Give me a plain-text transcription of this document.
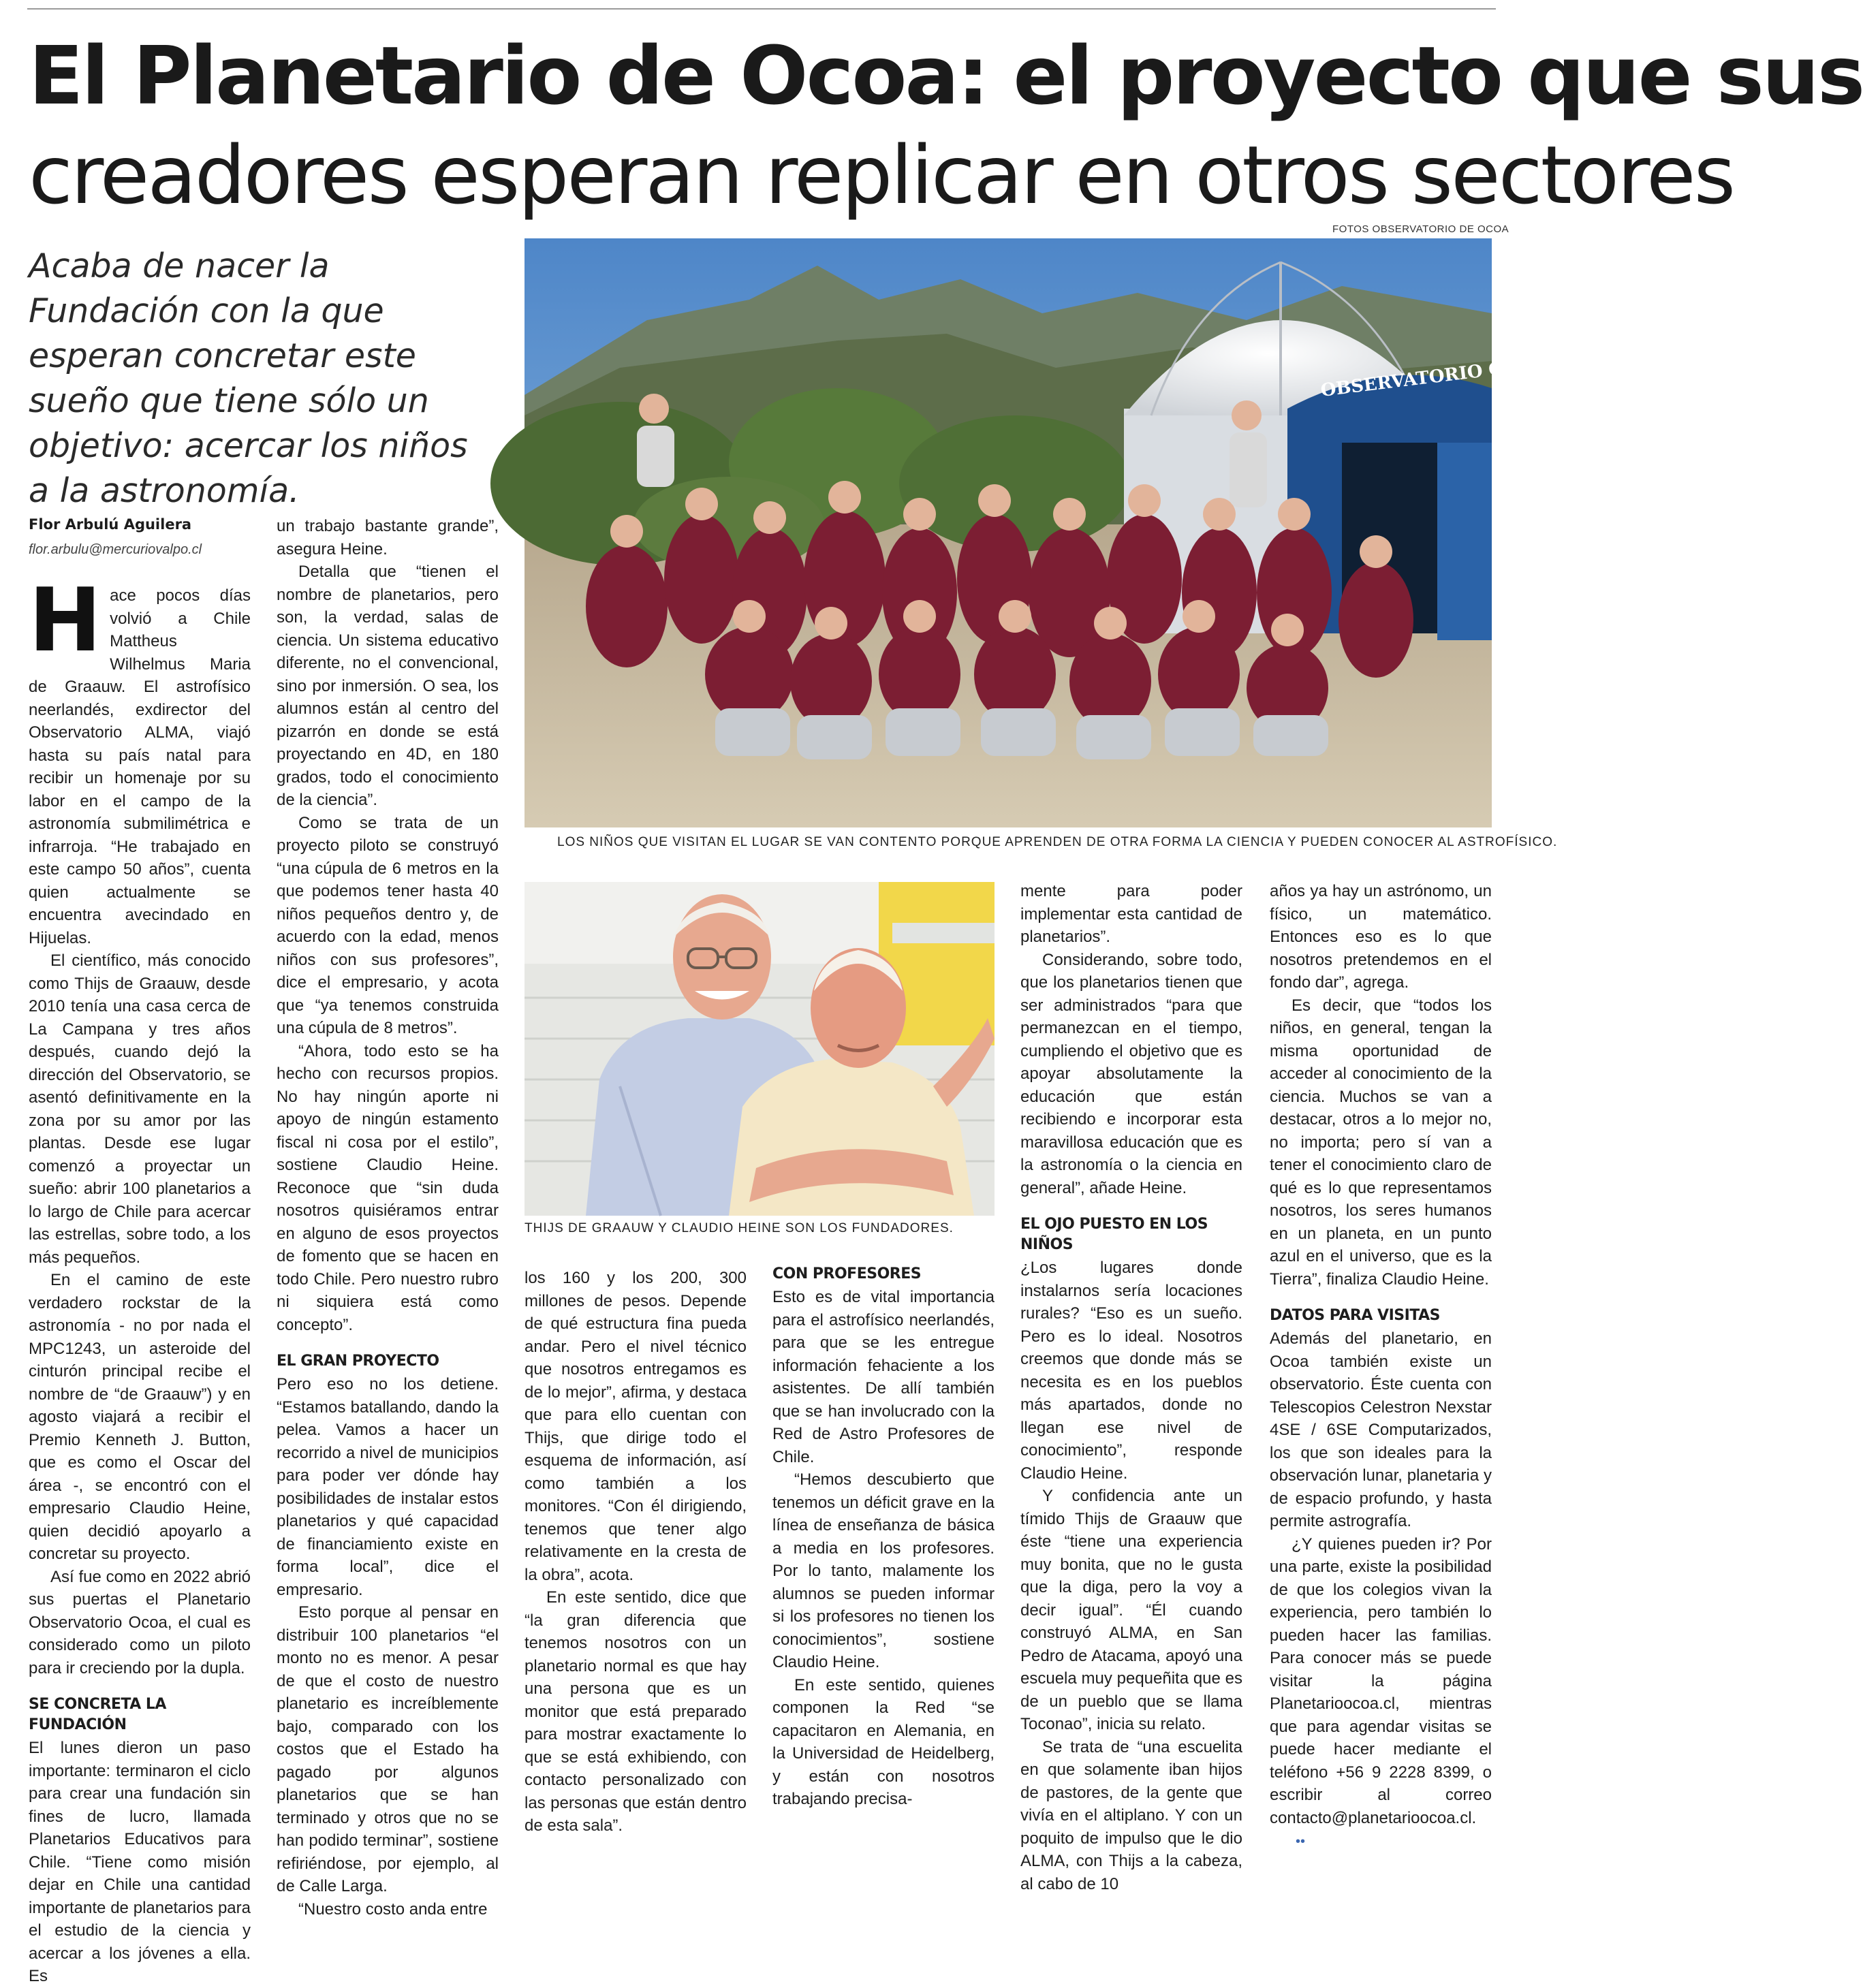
El Planetario de Ocoa: el proyecto que sus
creadores esperan replicar en otros sectores

Acaba de nacer la Fundación con la que esperan concretar este sueño que tiene sólo un objetivo: acercar los niños a la astronomía.

Flor Arbulú Aguilera
flor.arbulu@mercuriovalpo.cl
FOTOS OBSERVATORIO DE OCOA
OBSERVATORIO OCOA
LOS NIÑOS QUE VISITAN EL LUGAR SE VAN CONTENTO PORQUE APRENDEN DE OTRA FORMA LA CIENCIA Y PUEDEN CONOCER AL ASTROFÍSICO.
THIJS DE GRAAUW Y CLAUDIO HEINE SON LOS FUNDADORES.

Hace pocos días volvió a Chile Mattheus Wilhelmus Maria de Graauw. El astrofísico neerlandés, exdirector del Observatorio ALMA, viajó hasta su país natal para recibir un homenaje por su labor en el campo de la astronomía submilimétrica e infrarroja. “He trabajado en este campo 50 años”, cuenta quien actualmente se encuentra avecindado en Hijuelas.

El científico, más conocido como Thijs de Graauw, desde 2010 tenía una casa cerca de La Campana y tres años después, cuando dejó la dirección del Observatorio, se asentó definitivamente en la zona por su amor por las plantas. Desde ese lugar comenzó a proyectar un sueño: abrir 100 planetarios a lo largo de Chile para acercar las estrellas, sobre todo, a los más pequeños.

En el camino de este verdadero rockstar de la astronomía - no por nada el MPC1243, un asteroide del cinturón principal recibe el nombre de “de Graauw”) y en agosto viajará a recibir el Premio Kenneth J. Button, que es como el Oscar del área -, se encontró con el empresario Claudio Heine, quien decidió apoyarlo a concretar su proyecto.

Así fue como en 2022 abrió sus puertas el Planetario Observatorio Ocoa, el cual es considerado como un piloto para ir creciendo por la dupla.

SE CONCRETA LA FUNDACIÓN

El lunes dieron un paso importante: terminaron el ciclo para crear una fundación sin fines de lucro, llamada Planetarios Educativos para Chile. “Tiene como misión dejar en Chile una cantidad importante de planetarios para el estudio de la ciencia y acercar a los jóvenes a ella. Es

un trabajo bastante grande”, asegura Heine.

Detalla que “tienen el nombre de planetarios, pero son, la verdad, salas de ciencia. Un sistema educativo diferente, no el convencional, sino por inmersión. O sea, los alumnos están al centro del pizarrón en donde se está proyectando en 4D, en 180 grados, todo el conocimiento de la ciencia”.

Como se trata de un proyecto piloto se construyó “una cúpula de 6 metros en la que podemos tener hasta 40 niños pequeños dentro y, de acuerdo con la edad, menos niños con sus profesores”, dice el empresario, y acota que “ya tenemos construida una cúpula de 8 metros”.

“Ahora, todo esto se ha hecho con recursos propios. No hay ningún aporte ni apoyo de ningún estamento fiscal ni cosa por el estilo”, sostiene Claudio Heine. Reconoce que “sin duda nosotros quisiéramos entrar en alguno de esos proyectos de fomento que se hacen en todo Chile. Pero nuestro rubro ni siquiera está como concepto”.

EL GRAN PROYECTO

Pero eso no los detiene. “Estamos batallando, dando la pelea. Vamos a hacer un recorrido a nivel de municipios para poder ver dónde hay posibilidades de instalar estos planetarios y qué capacidad de financiamiento existe en forma local”, dice el empresario.

Esto porque al pensar en distribuir 100 planetarios “el monto no es menor. A pesar de que el costo de nuestro planetario es increíblemente bajo, comparado con los costos que el Estado ha pagado por algunos planetarios que se han terminado y otros que no se han podido terminar”, sostiene refiriéndose, por ejemplo, al de Calle Larga.

“Nuestro costo anda entre

los 160 y los 200, 300 millones de pesos. Depende de qué estructura fina pueda andar. Pero el nivel técnico que nosotros entregamos es de lo mejor”, afirma, y destaca que para ello cuentan con Thijs, que dirige todo el esquema de información, así como también a los monitores. “Con él dirigiendo, tenemos que tener algo relativamente en la cresta de la obra”, acota.

En este sentido, dice que “la gran diferencia que tenemos nosotros con un planetario normal es que hay una persona que es un monitor que está preparado para mostrar exactamente lo que se está exhibiendo, con contacto personalizado con las personas que están dentro de esta sala”.

CON PROFESORES

Esto es de vital importancia para el astrofísico neerlandés, para que se les entregue información fehaciente a los asistentes. De allí también que se han involucrado con la Red de Astro Profesores de Chile.

“Hemos descubierto que tenemos un déficit grave en la línea de enseñanza de básica a media en los profesores. Por lo tanto, malamente los alumnos se pueden informar si los profesores no tienen los conocimientos”, sostiene Claudio Heine.

En este sentido, quienes componen la Red “se capacitaron en Alemania, en la Universidad de Heidelberg, y están con nosotros trabajando precisa-

mente para poder implementar esta cantidad de planetarios”.

Considerando, sobre todo, que los planetarios tienen que ser administrados “para que permanezcan en el tiempo, cumpliendo el objetivo que es apoyar absolutamente la educación que están recibiendo e incorporar esta maravillosa educación que es la astronomía o la ciencia en general”, añade Heine.

EL OJO PUESTO EN LOS NIÑOS

¿Los lugares donde instalarnos sería locaciones rurales? “Eso es un sueño. Pero es lo ideal. Nosotros creemos que donde más se necesita es en los pueblos más apartados, donde no llegan ese nivel de conocimiento”, responde Claudio Heine.

Y confidencia ante un tímido Thijs de Graauw que éste “tiene una experiencia muy bonita, que no le gusta que la diga, pero la voy a decir igual”. “Él cuando construyó ALMA, en San Pedro de Atacama, apoyó una escuela muy pequeñita que es de un pueblo que se llama Toconao”, inicia su relato.

Se trata de “una escuelita en que solamente iban hijos de pastores, de la gente que vivía en el altiplano. Y con un poquito de impulso que le dio ALMA, con Thijs a la cabeza, al cabo de 10

años ya hay un astrónomo, un físico, un matemático. Entonces eso es lo que nosotros pretendemos en el fondo dar”, agrega.

Es decir, que “todos los niños, en general, tengan la misma oportunidad de acceder al conocimiento de la ciencia. Muchos se van a destacar, otros a lo mejor no, no importa; pero sí van a tener el conocimiento claro de qué es lo que representamos nosotros, los seres humanos en un planeta, en un punto azul en el universo, que es la Tierra”, finaliza Claudio Heine.

DATOS PARA VISITAS

Además del planetario, en Ocoa también existe un observatorio. Éste cuenta con Telescopios Celestron Nexstar 4SE / 6SE Computarizados, los que son ideales para la observación lunar, planetaria y de espacio profundo, y hasta permite astrografía.

¿Y quienes pueden ir? Por una parte, existe la posibilidad de que los colegios vivan la experiencia, pero también lo pueden hacer las familias. Para conocer más se puede visitar la página Planetarioocoa.cl, mientras que para agendar visitas se puede hacer mediante el teléfono +56 9 2228 8399, o escribir al correo contacto@planetarioocoa.cl.••
